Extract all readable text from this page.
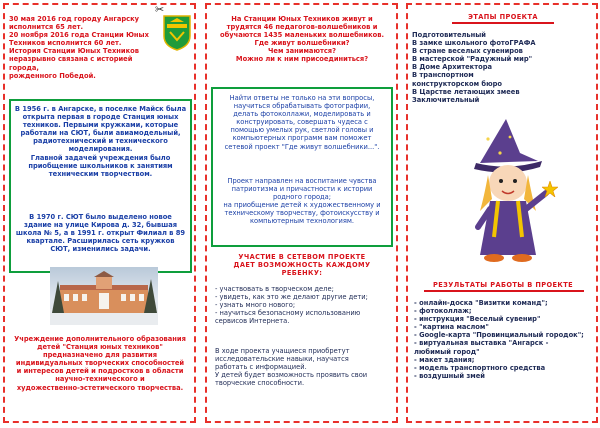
✂
30 мая 2016 год городу Ангарску
исполнится 65 лет.
20 ноября 2016 года Станции Юных
Техников исполнится 60 лет.
История Станции Юных Техников
неразрывно связана с историей города,
рожденного Победой.
В 1956 г. в Ангарске, в поселке Майск была
открыта первая в городе Станция юных
техников. Первыми кружками, которые
работали на СЮТ, были авиамодельный,
радиотехнический и технического
моделирования.
Главной задачей учреждения было
приобщение школьников к занятиям
техническим творчеством.
В 1970 г. СЮТ было выделено новое
здание на улице Кирова д. 32, бывшая
школа № 5, а в 1991 г. открыт Филиал в 89
квартале. Расширилась сеть кружков
СЮТ, изменились задачи.
Учреждение дополнительного образования
детей "Станция юных техников"
предназначено для развития
индивидуальных творческих способностей
и интересов детей и подростков в области
научно-технического и
художественно-эстетического творчества.
На Станции Юных Техников живут и
трудятся 46 педагогов-волшебников и
обучаются 1435 маленьких волшебников.
Где живут волшебники?
Чем занимаются?
Можно ли к ним присоединиться?
Найти ответы не только на эти вопросы,
научиться обрабатывать фотографии,
делать фотоколлажи, моделировать и
конструировать, совершать чудеса с
помощью умелых рук, светлой головы и
компьютерных программ вам поможет
сетевой проект "Где живут волшебники...".
Проект направлен на воспитание чувства
патриотизма и причастности к истории
родного города;
на приобщение детей к художественному и
техническому творчеству, фотоискусству и
компьютерным технологиям.
УЧАСТИЕ В СЕТЕВОМ ПРОЕКТЕ
ДАЕТ ВОЗМОЖНОСТЬ КАЖДОМУ
РЕБЕНКУ:
- участвовать в творческом деле;
- увидеть, как это же делают другие дети;
- узнать много нового;
- научиться безопасному использованию
сервисов Интернета.
В ходе проекта учащиеся приобретут
исследовательские навыки, научатся
работать с информацией.
У детей будет возможность проявить свои
творческие способности.
ЭТАПЫ ПРОЕКТА
Подготовительный
В замке школьного фотоГРАФА
В стране веселых сувениров
В мастерской "Радужный мир"
В Доме Архитектора
В транспортном
конструкторском бюро
В Царстве летающих змеев
Заключительный
РЕЗУЛЬТАТЫ РАБОТЫ В ПРОЕКТЕ
- онлайн-доска "Визитки команд";
- фотоколлаж;
- инструкция "Веселый сувенир"
- "картина маслом"
- Google-карта "Провинциальный городок";
- виртуальная выставка "Ангарск -
любимый город"
- макет здания;
- модель транспортного средства
- воздушный змей
